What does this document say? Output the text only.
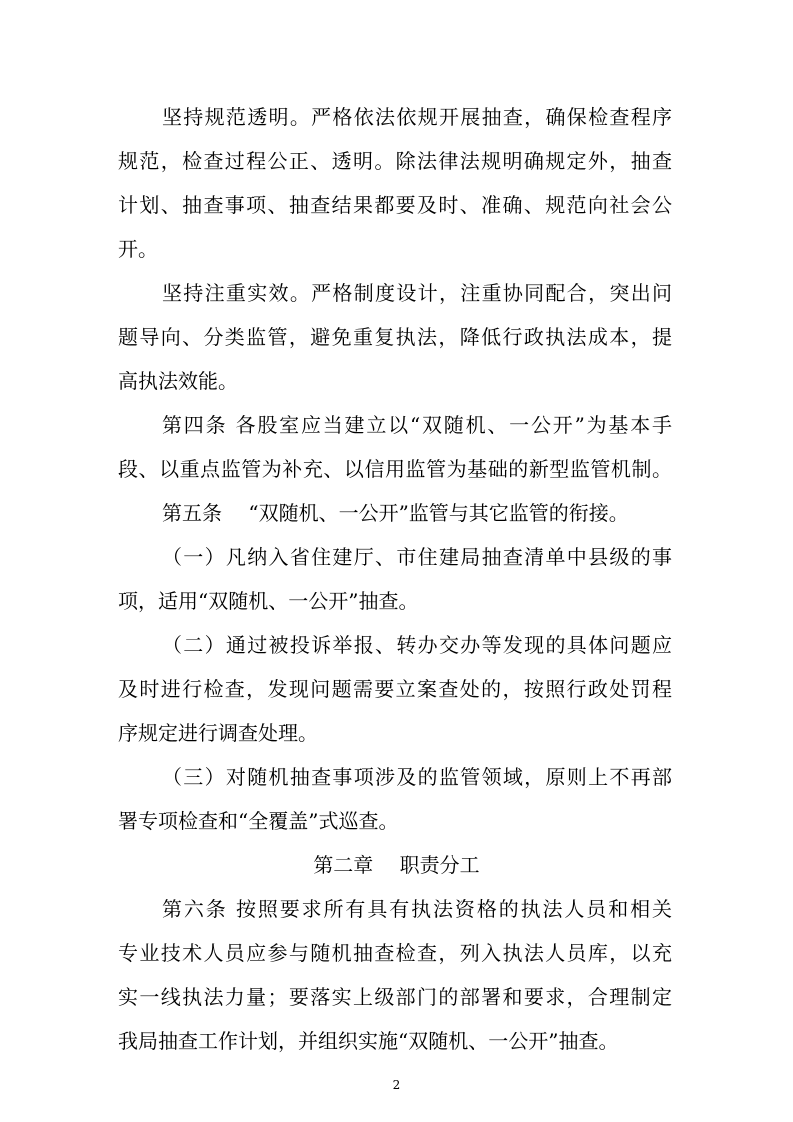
坚持规范透明。严格依法依规开展抽查，确保检查程序

规范，检查过程公正、透明。除法律法规明确规定外，抽查

计划、抽查事项、抽查结果都要及时、准确、规范向社会公

开。

坚持注重实效。严格制度设计，注重协同配合，突出问

题导向、分类监管，避免重复执法，降低行政执法成本，提

高执法效能。

第四条 各股室应当建立以“双随机、一公开”为基本手

段、以重点监管为补充、以信用监管为基础的新型监管机制。

第五条　 “双随机、一公开”监管与其它监管的衔接。

（一）凡纳入省住建厅、市住建局抽查清单中县级的事

项，适用“双随机、一公开”抽查。

（二）通过被投诉举报、转办交办等发现的具体问题应

及时进行检查，发现问题需要立案查处的，按照行政处罚程

序规定进行调查处理。

（三）对随机抽查事项涉及的监管领域，原则上不再部

署专项检查和“全覆盖”式巡查。

第二章　 职责分工

第六条 按照要求所有具有执法资格的执法人员和相关

专业技术人员应参与随机抽查检查，列入执法人员库，以充

实一线执法力量；要落实上级部门的部署和要求，合理制定

我局抽查工作计划，并组织实施“双随机、一公开”抽查。

2
